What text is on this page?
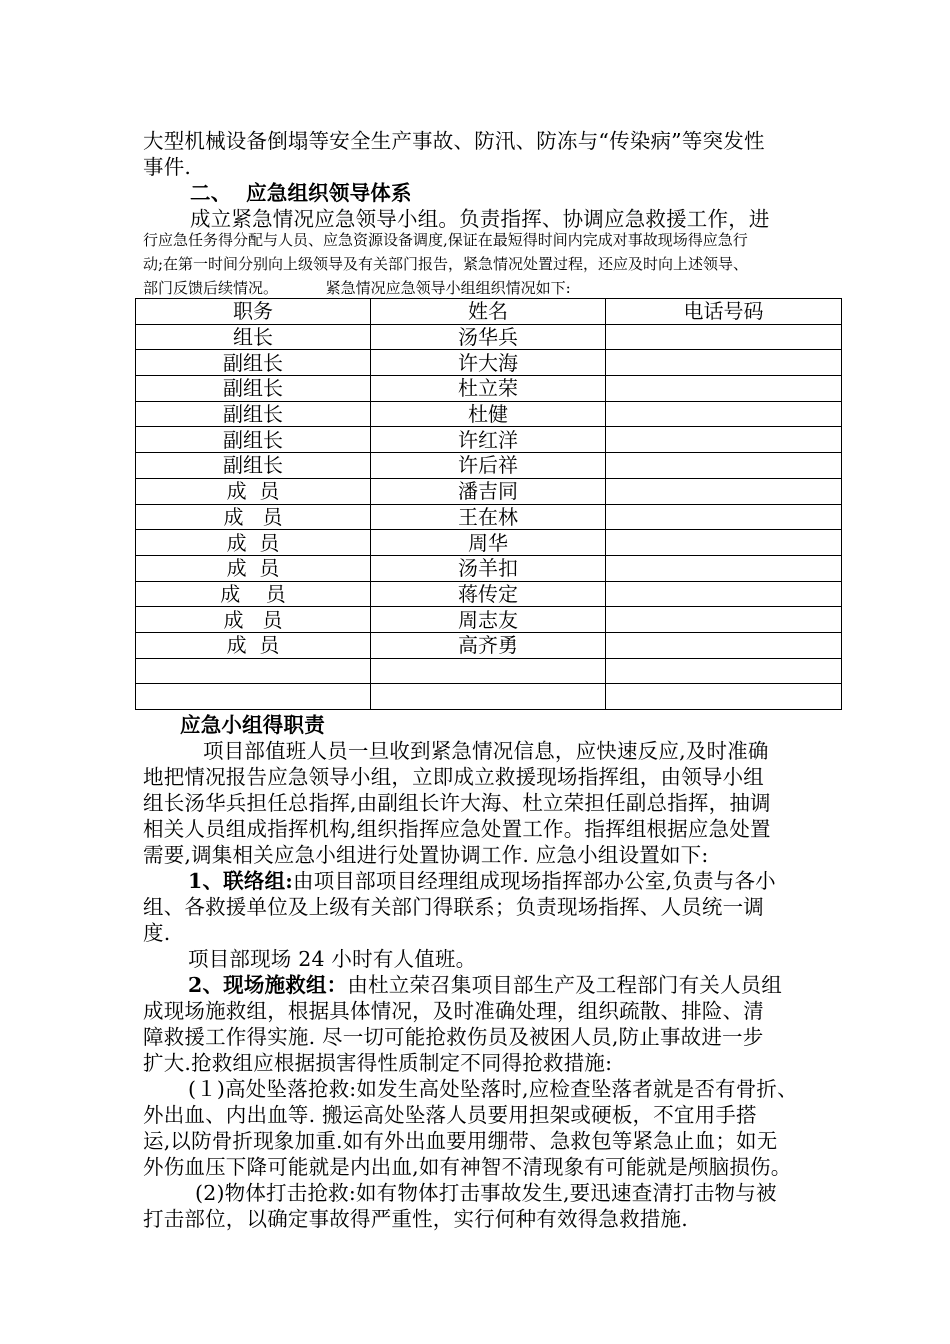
大型机械设备倒塌等安全生产事故、防汛、防冻与“传染病”等突发性
事件.
二、  应急组织领导体系
成立紧急情况应急领导小组。负责指挥、协调应急救援工作，进
行应急任务得分配与人员、应急资源设备调度,保证在最短得时间内完成对事故现场得应急行
动;在第一时间分别向上级领导及有关部门报告，紧急情况处置过程，还应及时向上述领导、
部门反馈后续情况。          紧急情况应急领导小组组织情况如下:
职务	姓名	电话号码
组长	汤华兵	
副组长	许大海	
副组长	杜立荣	
副组长	杜健	
副组长	许红洋	
副组长	许后祥	
成  员	潘吉同	
成   员	王在林	
成  员	周华	
成  员	汤羊扣	
成    员	蒋传定	
成   员	周志友	
成  员	高齐勇	

应急小组得职责
项目部值班人员一旦收到紧急情况信息，应快速反应,及时准确
地把情况报告应急领导小组，立即成立救援现场指挥组，由领导小组
组长汤华兵担任总指挥,由副组长许大海、杜立荣担任副总指挥，抽调
相关人员组成指挥机构,组织指挥应急处置工作。指挥组根据应急处置
需要,调集相关应急小组进行处置协调工作. 应急小组设置如下:
1、联络组:由项目部项目经理组成现场指挥部办公室,负责与各小
组、各救援单位及上级有关部门得联系；负责现场指挥、人员统一调
度.
项目部现场 24 小时有人值班。
2、现场施救组：由杜立荣召集项目部生产及工程部门有关人员组
成现场施救组，根据具体情况，及时准确处理，组织疏散、排险、清
障救援工作得实施. 尽一切可能抢救伤员及被困人员,防止事故进一步
扩大.抢救组应根据损害得性质制定不同得抢救措施:
(１)高处坠落抢救:如发生高处坠落时,应检查坠落者就是否有骨折、
外出血、内出血等. 搬运高处坠落人员要用担架或硬板，不宜用手搭
运,以防骨折现象加重.如有外出血要用绷带、急救包等紧急止血；如无
外伤血压下降可能就是内出血,如有神智不清现象有可能就是颅脑损伤。
(2)物体打击抢救:如有物体打击事故发生,要迅速查清打击物与被
打击部位，以确定事故得严重性，实行何种有效得急救措施.
